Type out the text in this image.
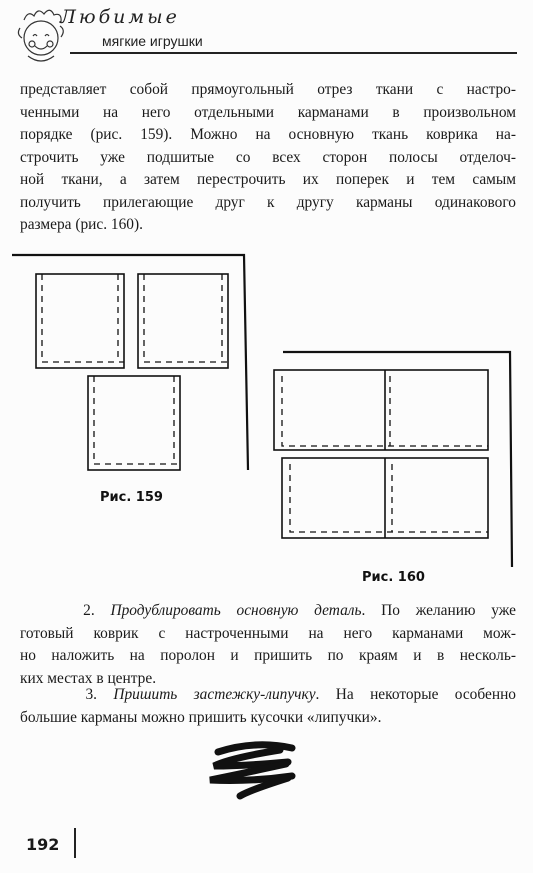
Любимые
мягкие игрушки
представляет собой прямоугольный отрез ткани с настро-
ченными на него отдельными карманами в произвольном
порядке (рис. 159). Можно на основную ткань коврика на-
строчить уже подшитые со всех сторон полосы отделоч-
ной ткани, а затем перестрочить их поперек и тем самым
получить прилегающие друг к другу карманы одинакового
размера (рис. 160).
Рис. 159
Рис. 160
2. Продублировать основную деталь. По желанию уже
готовый коврик с настроченными на него карманами мож-
но наложить на поролон и пришить по краям и в несколь-
ких местах в центре.
3. Пришить застежку-липучку. На некоторые особенно
большие карманы можно пришить кусочки «липучки».
192
